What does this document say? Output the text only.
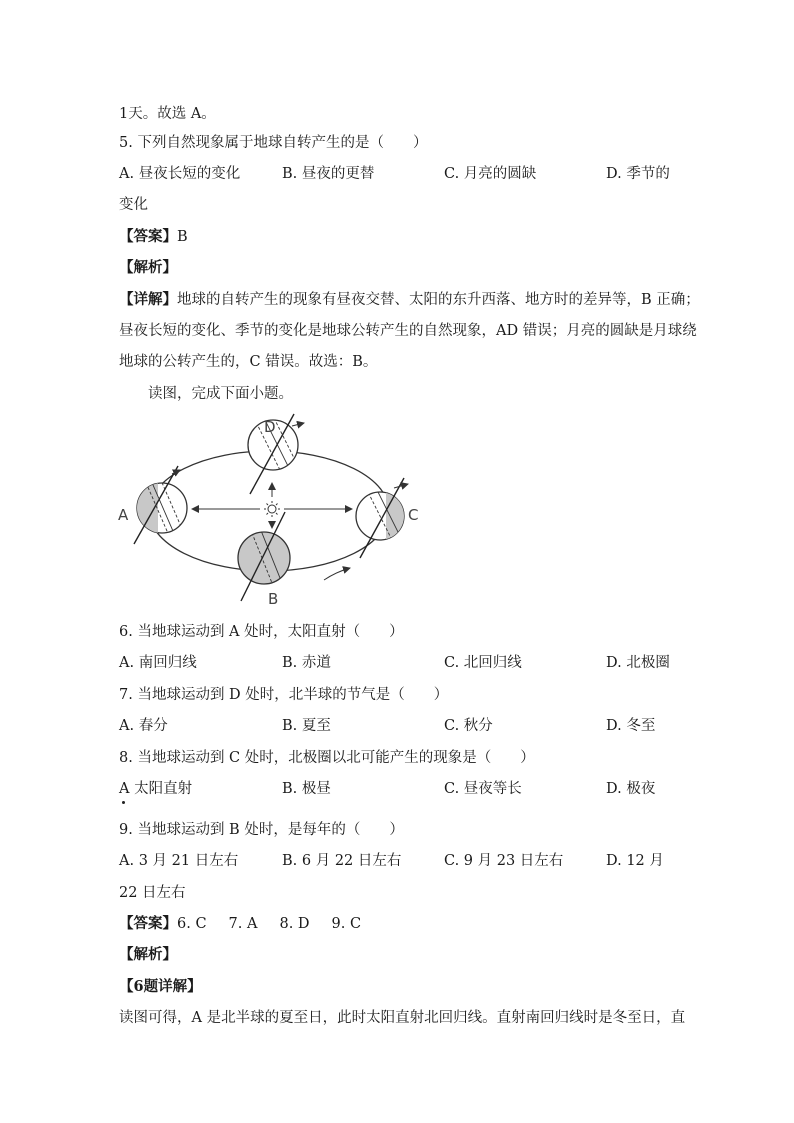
1天。故选 A。
5. 下列自然现象属于地球自转产生的是（　　）
A. 昼夜长短的变化	B. 昼夜的更替	C. 月亮的圆缺	D. 季节的
变化
【答案】B
【解析】
【详解】地球的自转产生的现象有昼夜交替、太阳的东升西落、地方时的差异等，B 正确；
昼夜长短的变化、季节的变化是地球公转产生的自然现象，AD 错误；月亮的圆缺是月球绕
地球的公转产生的，C 错误。故选：B。
读图，完成下面小题。
A
B
C
D
6. 当地球运动到 A 处时，太阳直射（　　）
A. 南回归线	B. 赤道	C. 北回归线	D. 北极圈
7. 当地球运动到 D 处时，北半球的节气是（　　）
A. 春分	B. 夏至	C. 秋分	D. 冬至
8. 当地球运动到 C 处时，北极圈以北可能产生的现象是（　　）
A 太阳直射	B. 极昼	C. 昼夜等长	D. 极夜
9. 当地球运动到 B 处时，是每年的（　　）
A. 3 月 21 日左右	B. 6 月 22 日左右	C. 9 月 23 日左右	D. 12 月
22 日左右
【答案】6. C 7. A 8. D 9. C
【解析】
【6题详解】
读图可得，A 是北半球的夏至日，此时太阳直射北回归线。直射南回归线时是冬至日，直
